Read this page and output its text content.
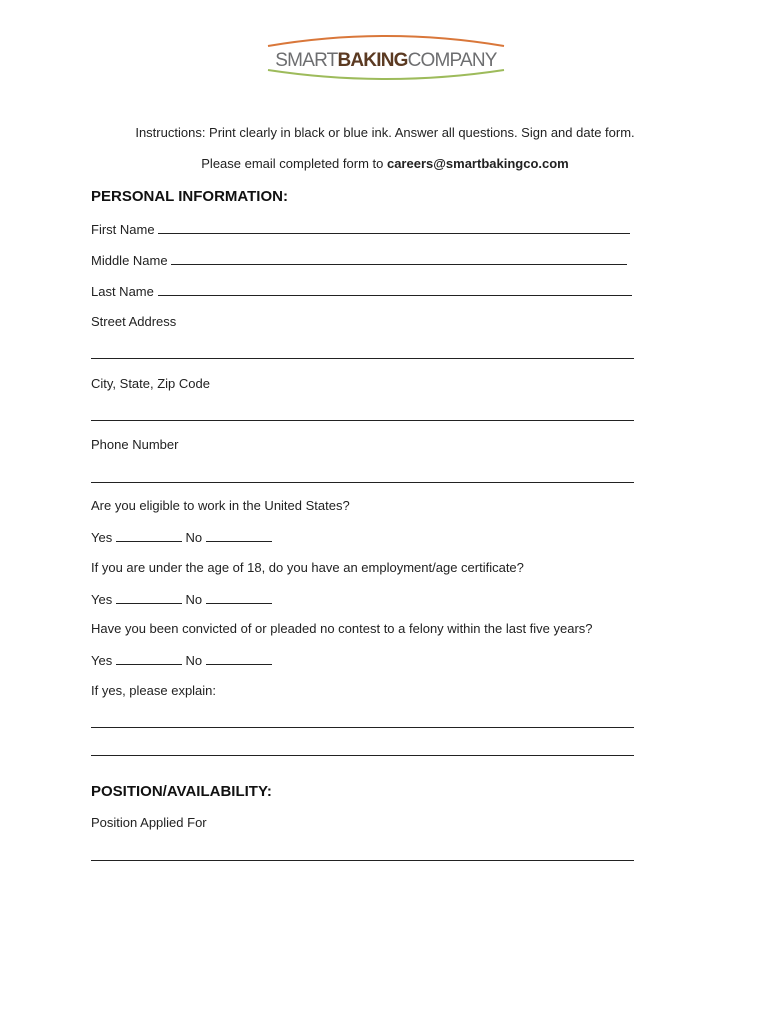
SMARTBAKINGCOMPANY
Instructions: Print clearly in black or blue ink. Answer all questions. Sign and date form.
Please email completed form to careers@smartbakingco.com
PERSONAL INFORMATION:
First Name
Middle Name
Last Name
Street Address
City, State, Zip Code
Phone Number
Are you eligible to work in the United States?
Yes	No
If you are under the age of 18, do you have an employment/age certificate?
Yes	No
Have you been convicted of or pleaded no contest to a felony within the last five years?
Yes	No
If yes, please explain:
POSITION/AVAILABILITY:
Position Applied For
